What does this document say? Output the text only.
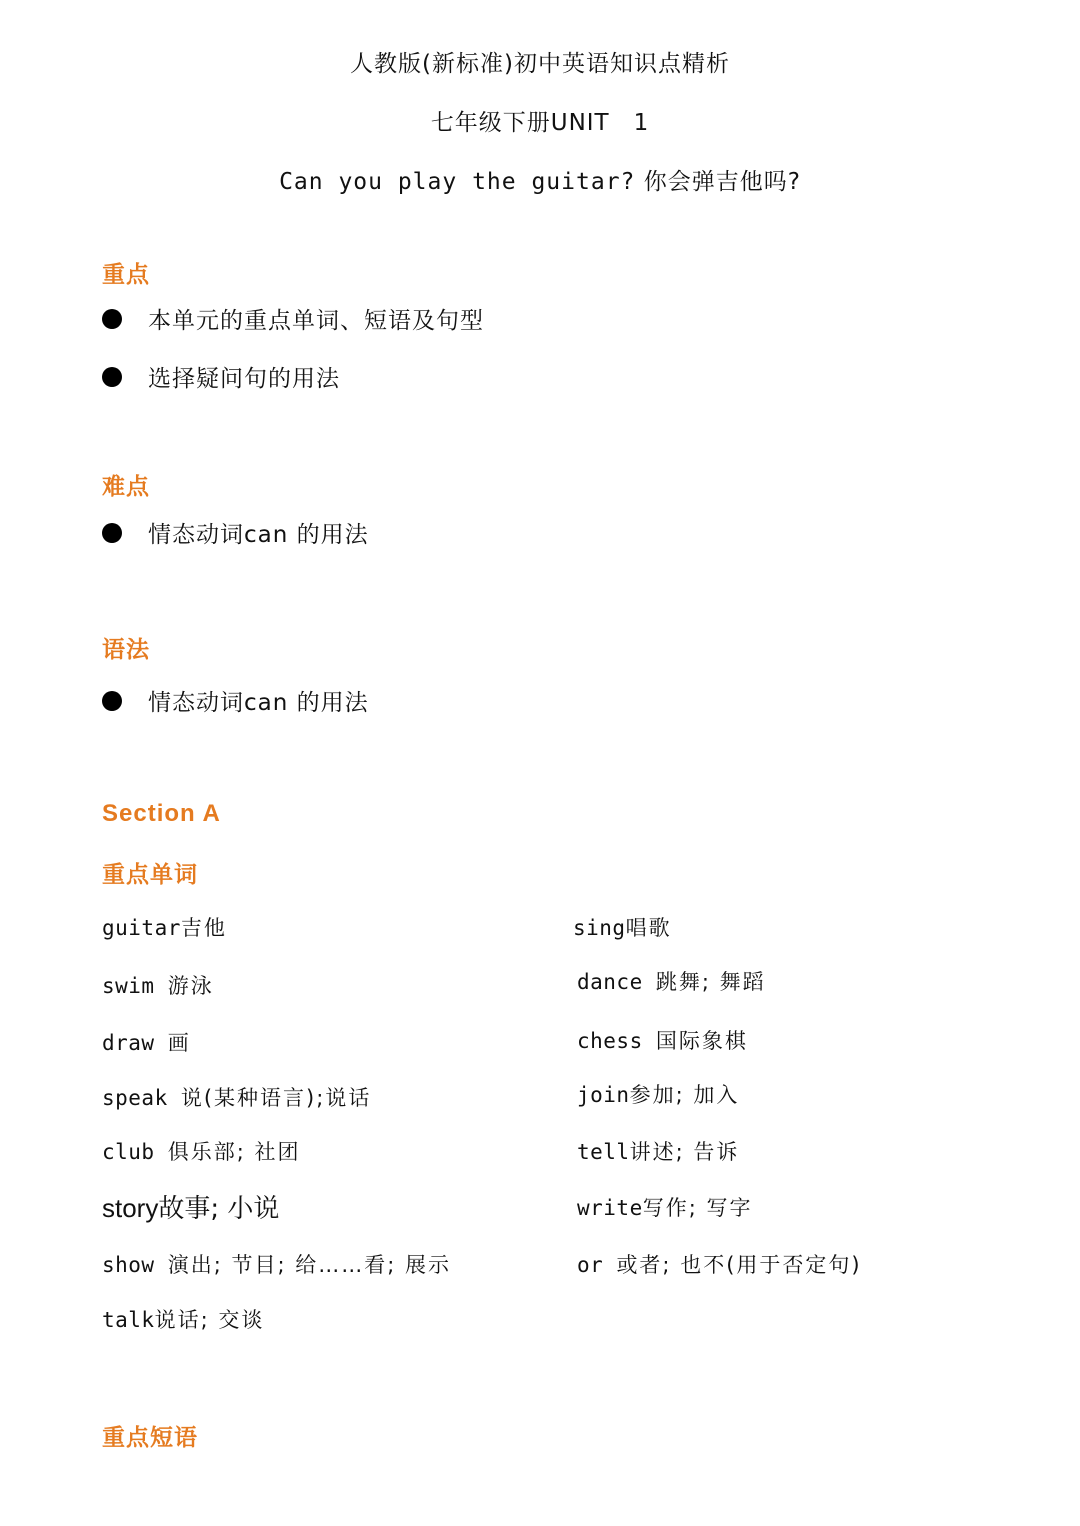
人教版(新标准)初中英语知识点精析
七年级下册UNIT　1
Can you play the guitar? 你会弹吉他吗?
重点
本单元的重点单词、短语及句型
选择疑问句的用法
难点
情态动词can 的用法
语法
情态动词can 的用法
Section A
重点单词
guitar吉他
swim 游泳
draw 画
speak 说(某种语言);说话
club 俱乐部; 社团
story故事; 小说
show 演出; 节目; 给……看; 展示
talk说话; 交谈
sing唱歌
dance 跳舞; 舞蹈
chess 国际象棋
join参加; 加入
tell讲述; 告诉
write写作; 写字
or 或者; 也不(用于否定句)
重点短语
